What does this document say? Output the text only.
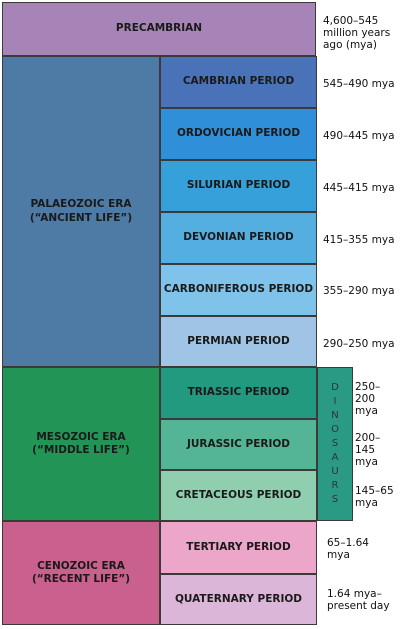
PRECAMBRIAN
4,600–545
million years
ago (mya)
PALAEOZOIC ERA
(“ANCIENT LIFE”)
MESOZOIC ERA
(“MIDDLE LIFE”)
CENOZOIC ERA
(“RECENT LIFE”)
CAMBRIAN PERIOD
ORDOVICIAN PERIOD
SILURIAN PERIOD
DEVONIAN PERIOD
CARBONIFEROUS PERIOD
PERMIAN PERIOD
TRIASSIC PERIOD
JURASSIC PERIOD
CRETACEOUS PERIOD
TERTIARY PERIOD
QUATERNARY PERIOD
D
I
N
O
S
A
U
R
S
545–490 mya
490–445 mya
445–415 mya
415–355 mya
355–290 mya
290–250 mya
250–
200 mya
200–
145 mya
145–65
mya
65–1.64
mya
1.64 mya–
present day
